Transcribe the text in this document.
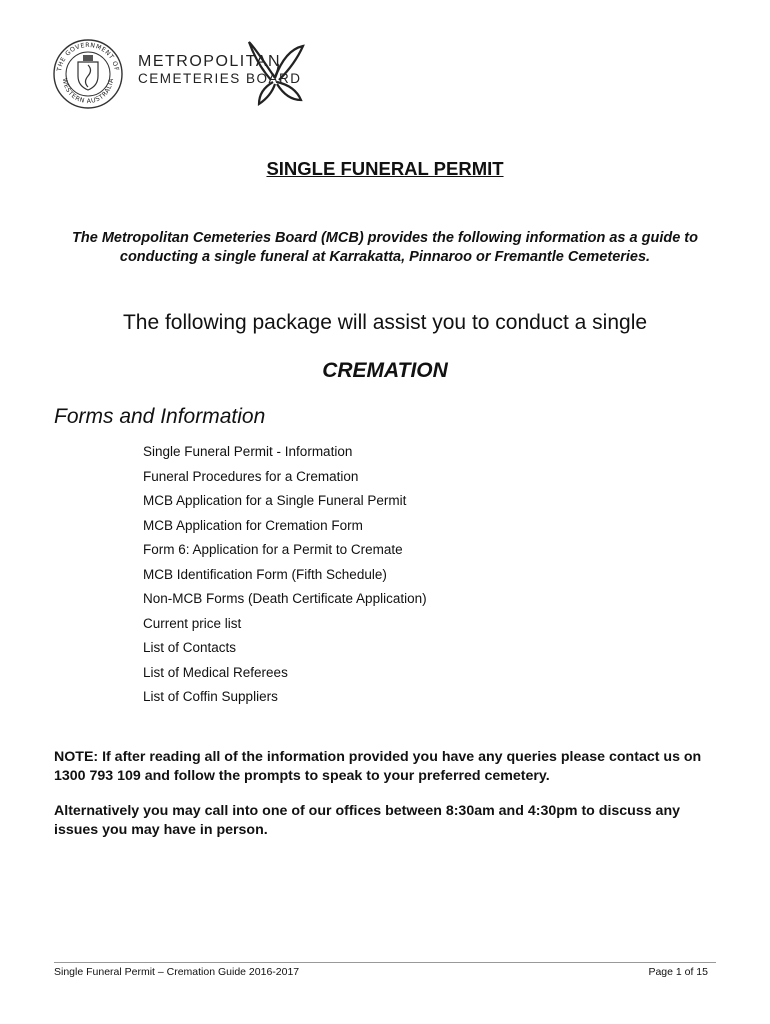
THE GOVERNMENT OF
WESTERN AUSTRALIA
METROPOLITAN
CEMETERIES BOARD
SINGLE FUNERAL PERMIT
The Metropolitan Cemeteries Board (MCB) provides the following information as a guide to conducting a single funeral at Karrakatta, Pinnaroo or Fremantle Cemeteries.
The following package will assist you to conduct a single
CREMATION
Forms and Information
Single Funeral Permit - Information
Funeral Procedures for a Cremation
MCB Application for a Single Funeral Permit
MCB Application for Cremation Form
Form 6: Application for a Permit to Cremate
MCB Identification Form (Fifth Schedule)
Non-MCB Forms (Death Certificate Application)
Current price list
List of Contacts
List of Medical Referees
List of Coffin Suppliers
NOTE: If after reading all of the information provided you have any queries please contact us on 1300 793 109 and follow the prompts to speak to your preferred cemetery.
Alternatively you may call into one of our offices between 8:30am and 4:30pm to discuss any issues you may have in person.
Single Funeral Permit – Cremation Guide 2016-2017	Page 1 of 15
